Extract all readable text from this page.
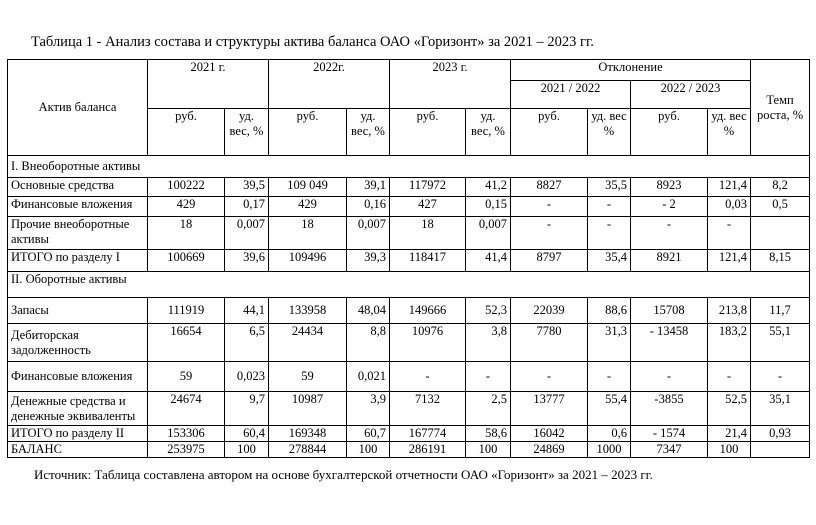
Таблица 1 - Анализ состава и структуры актива баланса ОАО «Горизонт» за 2021 – 2023 гг.
Актив баланса	2021 г.		2022г.		2023 г.		Отклонение				Темп роста, %
							2021 / 2022		2022 / 2023		
	руб.	уд. вес, %	руб.	уд. вес, %	руб.	уд. вес, %	руб.	уд. вес %	руб.	уд. вес %	
I. Внеоборотные активы											
Основные средства	100222	39,5	109 049	39,1	117972	41,2	8827	35,5	8923	121,4	8,2
Финансовые вложения	429	0,17	429	0,16	427	0,15	-	-	- 2	0,03	0,5
Прочие внеоборотные активы	18	0,007	18	0,007	18	0,007	-	-	-	-	
ИТОГО по разделу I	100669	39,6	109496	39,3	118417	41,4	8797	35,4	8921	121,4	8,15
II. Оборотные активы											
Запасы	111919	44,1	133958	48,04	149666	52,3	22039	88,6	15708	213,8	11,7
Дебиторская задолженность	16654	6,5	24434	8,8	10976	3,8	7780	31,3	- 13458	183,2	55,1
Финансовые вложения	59	0,023	59	0,021	-	-	-	-	-	-	-
Денежные средства и денежные эквиваленты	24674	9,7	10987	3,9	7132	2,5	13777	55,4	-3855	52,5	35,1
ИТОГО по разделу II	153306	60,4	169348	60,7	167774	58,6	16042	0,6	- 1574	21,4	0,93
БАЛАНС	253975	100	278844	100	286191	100	24869	1000	7347	100	
Источник: Таблица составлена автором на основе бухгалтерской отчетности ОАО «Горизонт» за 2021 – 2023 гг.
